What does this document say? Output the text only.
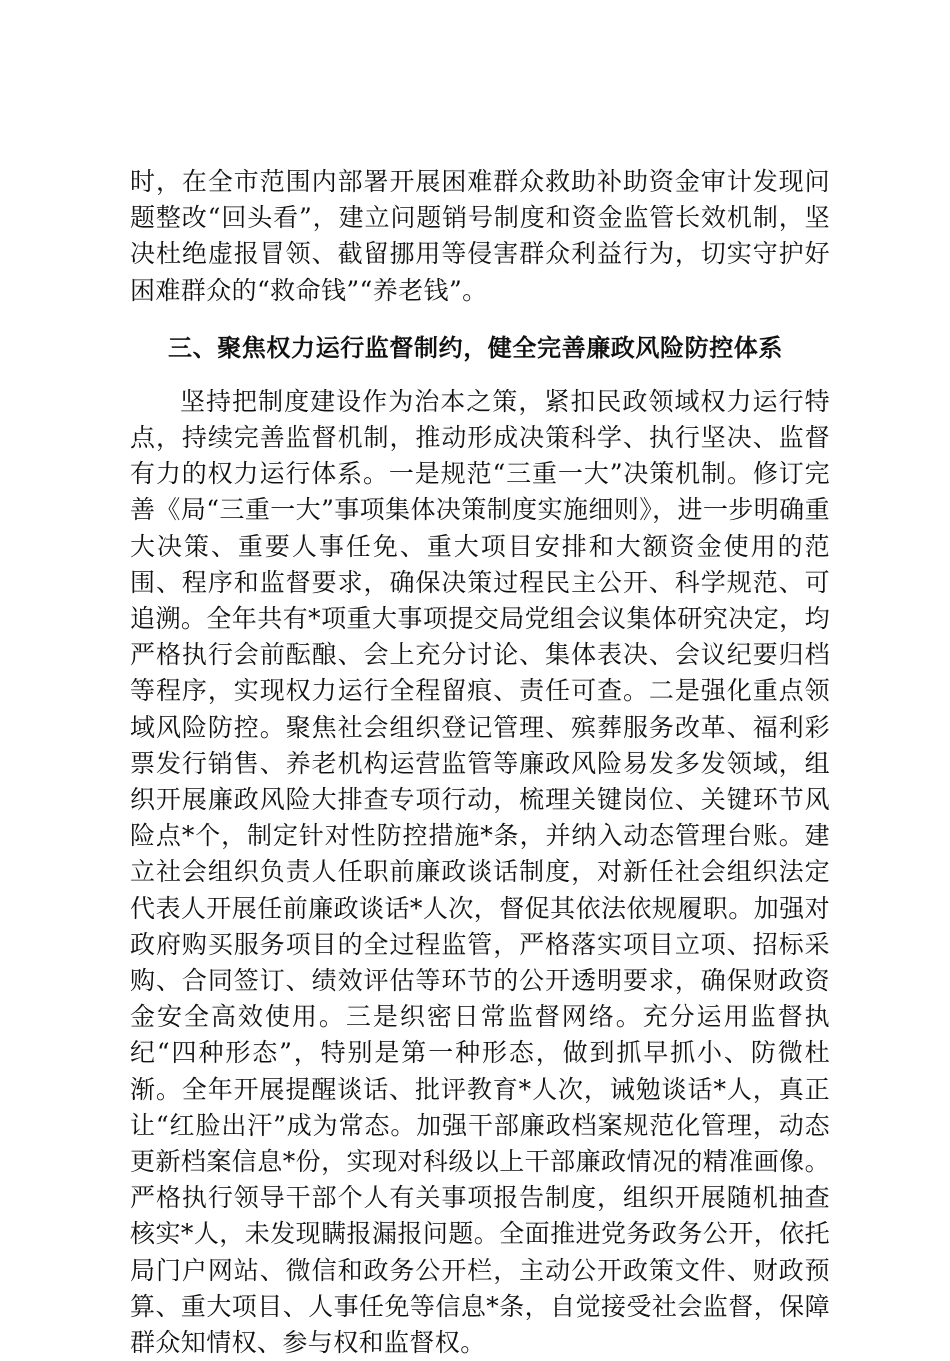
时，在全市范围内部署开展困难群众救助补助资金审计发现问题整改“回头看”，建立问题销号制度和资金监管长效机制，坚决杜绝虚报冒领、截留挪用等侵害群众利益行为，切实守护好困难群众的“救命钱”“养老钱”。

三、聚焦权力运行监督制约，健全完善廉政风险防控体系

坚持把制度建设作为治本之策，紧扣民政领域权力运行特点，持续完善监督机制，推动形成决策科学、执行坚决、监督有力的权力运行体系。一是规范“三重一大”决策机制。修订完善《局“三重一大”事项集体决策制度实施细则》，进一步明确重大决策、重要人事任免、重大项目安排和大额资金使用的范围、程序和监督要求，确保决策过程民主公开、科学规范、可追溯。全年共有*项重大事项提交局党组会议集体研究决定，均严格执行会前酝酿、会上充分讨论、集体表决、会议纪要归档等程序，实现权力运行全程留痕、责任可查。二是强化重点领域风险防控。聚焦社会组织登记管理、殡葬服务改革、福利彩票发行销售、养老机构运营监管等廉政风险易发多发领域，组织开展廉政风险大排查专项行动，梳理关键岗位、关键环节风险点*个，制定针对性防控措施*条，并纳入动态管理台账。建立社会组织负责人任职前廉政谈话制度，对新任社会组织法定代表人开展任前廉政谈话*人次，督促其依法依规履职。加强对政府购买服务项目的全过程监管，严格落实项目立项、招标采购、合同签订、绩效评估等环节的公开透明要求，确保财政资金安全高效使用。三是织密日常监督网络。充分运用监督执纪“四种形态”，特别是第一种形态，做到抓早抓小、防微杜渐。全年开展提醒谈话、批评教育*人次，诫勉谈话*人，真正让“红脸出汗”成为常态。加强干部廉政档案规范化管理，动态更新档案信息*份，实现对科级以上干部廉政情况的精准画像。严格执行领导干部个人有关事项报告制度，组织开展随机抽查核实*人，未发现瞒报漏报问题。全面推进党务政务公开，依托局门户网站、微信和政务公开栏，主动公开政策文件、财政预算、重大项目、人事任免等信息*条，自觉接受社会监督，保障群众知情权、参与权和监督权。
